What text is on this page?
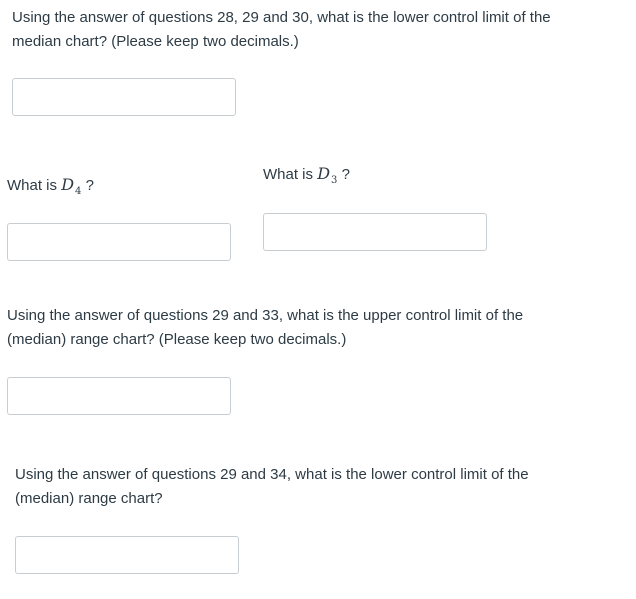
Using the answer of questions 28, 29 and 30, what is the lower control limit of the median chart? (Please keep two decimals.)

What is $D_4$ ?

What is $D_3$ ?

Using the answer of questions 29 and 33, what is the upper control limit of the (median) range chart? (Please keep two decimals.)

Using the answer of questions 29 and 34, what is the lower control limit of the (median) range chart?
